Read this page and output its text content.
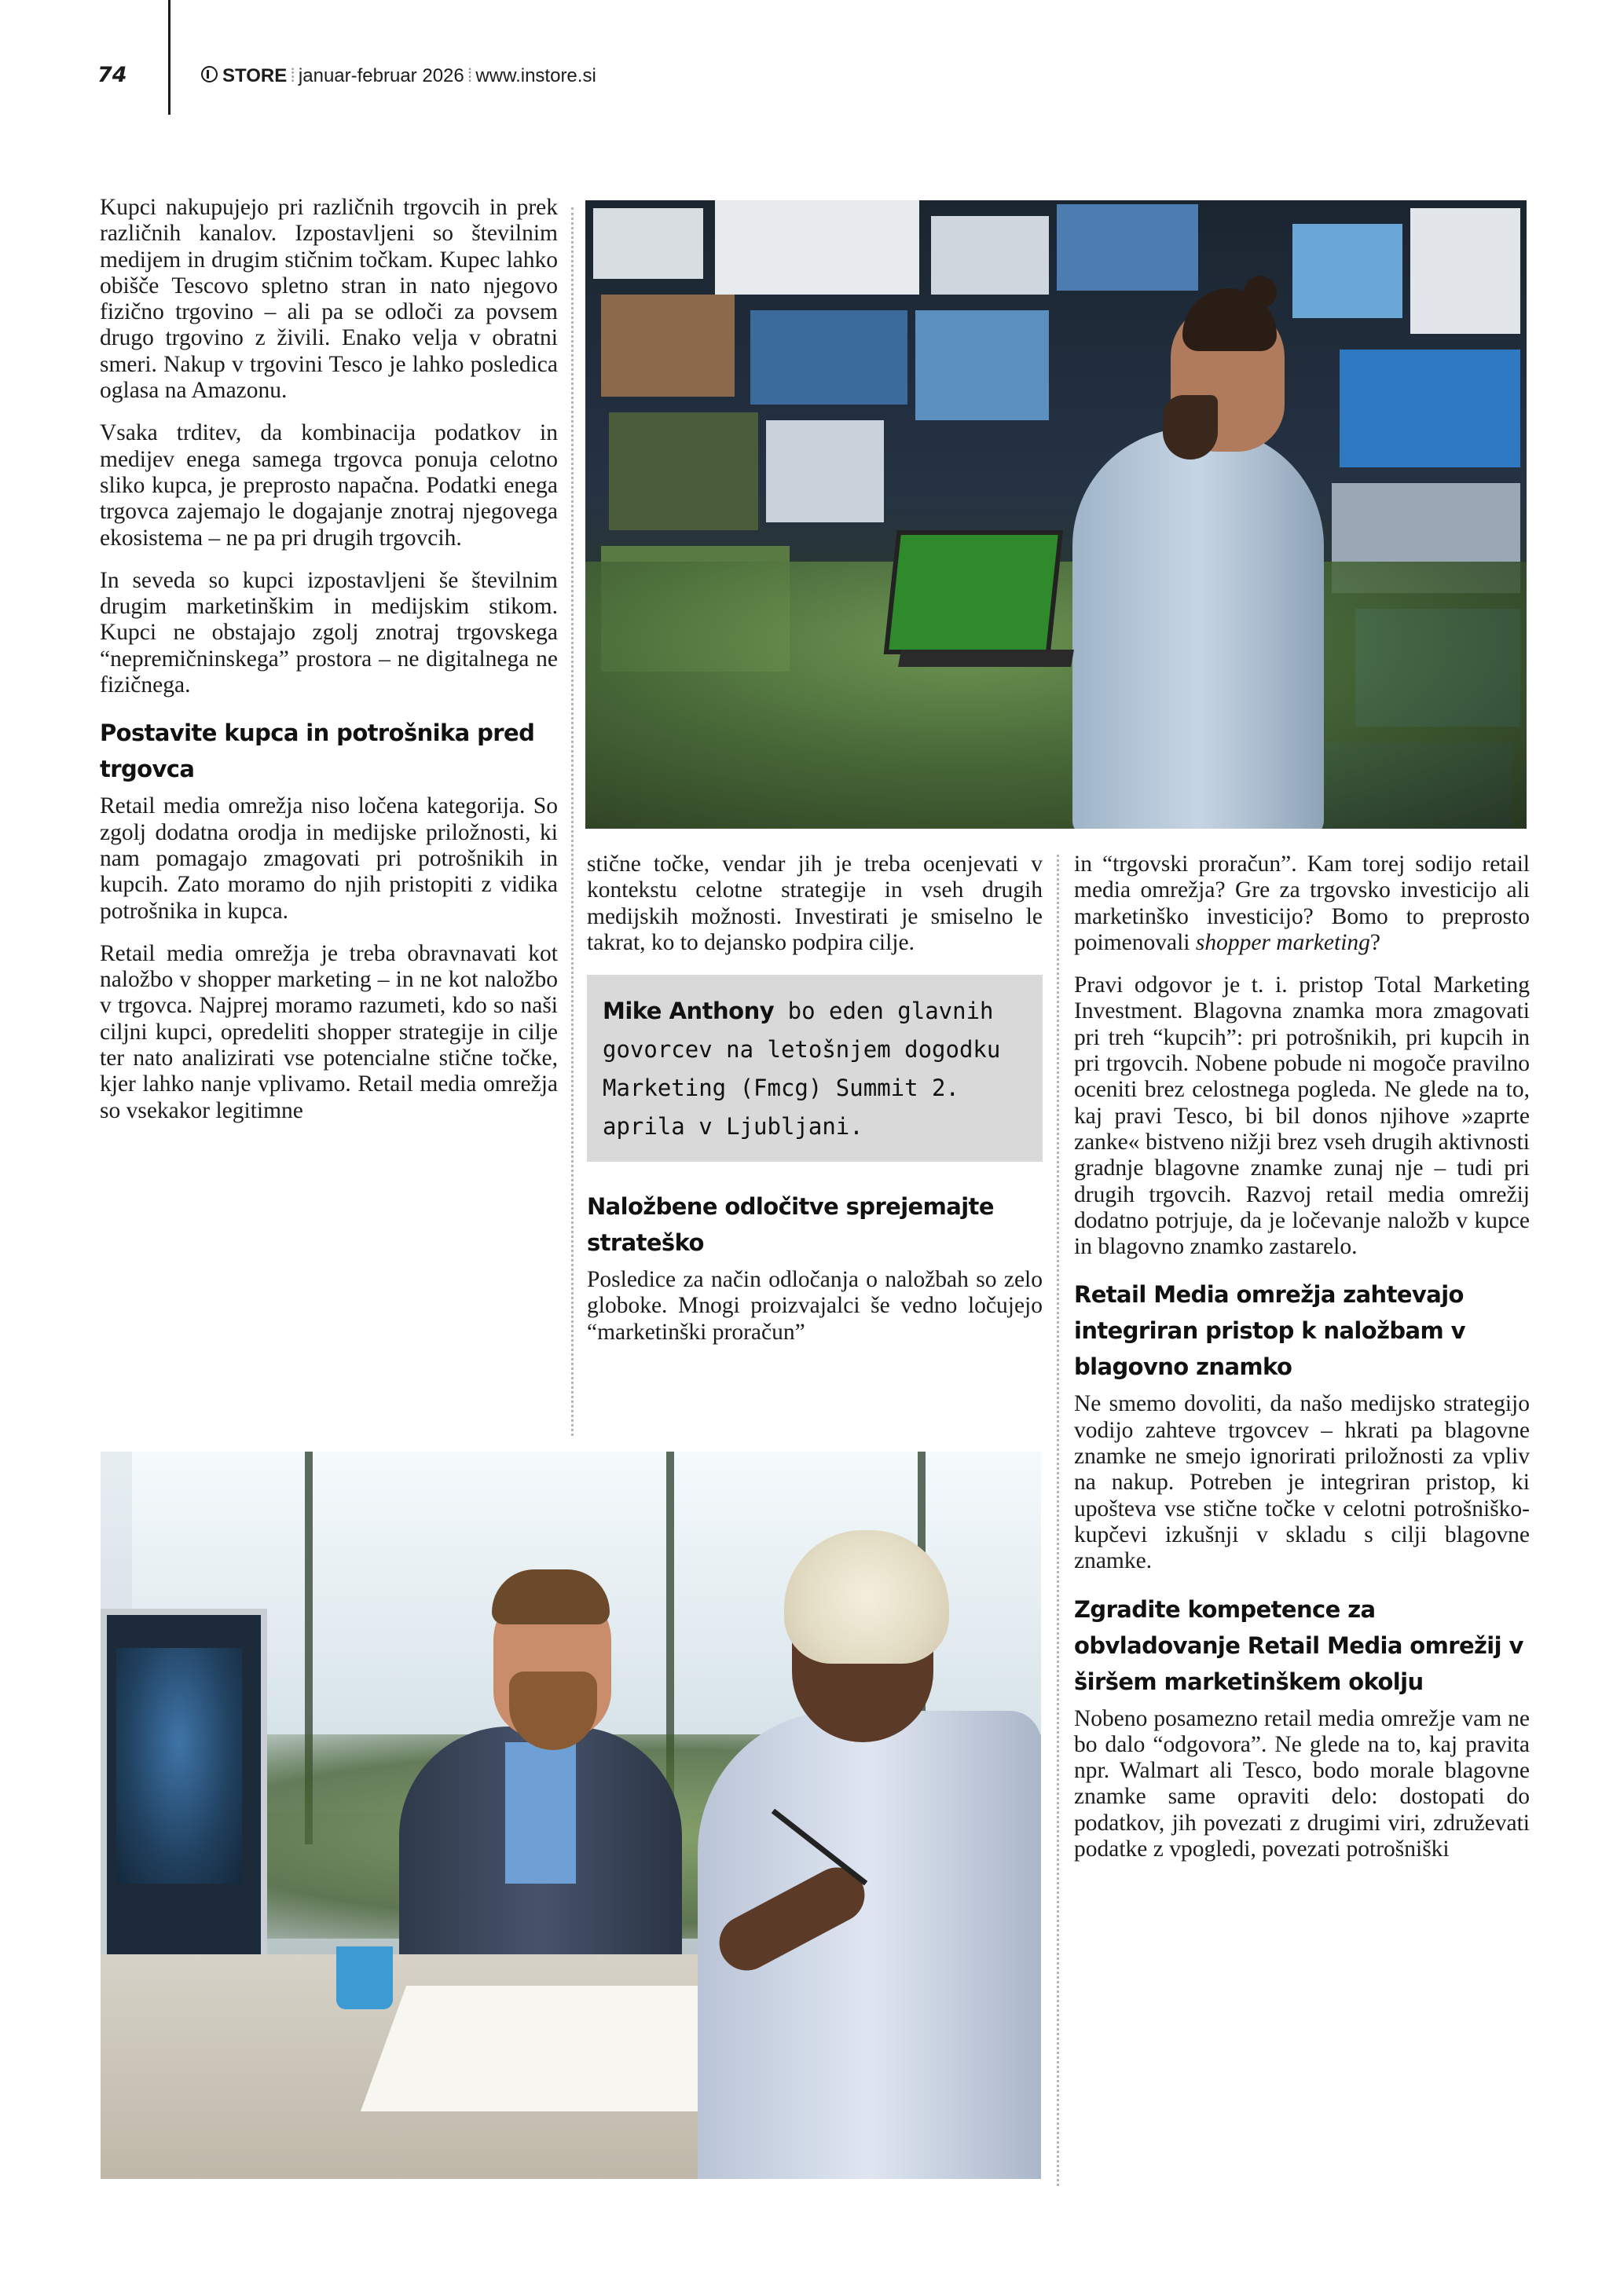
74	STORE ⁞ januar-februar 2026 ⁞ www.instore.si

Kupci nakupujejo pri različnih trgovcih in prek različnih kanalov. Izpostavljeni so številnim medijem in drugim stičnim točkam. Kupec lahko obišče Tescovo spletno stran in nato njegovo fizično trgovino – ali pa se odloči za povsem drugo trgovino z živili. Enako velja v obratni smeri. Nakup v trgovini Tesco je lahko posledica oglasa na Amazonu.

Vsaka trditev, da kombinacija podatkov in medijev enega samega trgovca ponuja celotno sliko kupca, je preprosto napačna. Podatki enega trgovca zajemajo le dogajanje znotraj njegovega ekosistema – ne pa pri drugih trgovcih.

In seveda so kupci izpostavljeni še številnim drugim marketinškim in medijskim stikom. Kupci ne obstajajo zgolj znotraj trgovskega “nepremičninskega” prostora – ne digitalnega ne fizičnega.

Postavite kupca in potrošnika pred trgovca

Retail media omrežja niso ločena kategorija. So zgolj dodatna orodja in medijske priložnosti, ki nam pomagajo zmagovati pri potrošnikih in kupcih. Zato moramo do njih pristopiti z vidika potrošnika in kupca.

Retail media omrežja je treba obravnavati kot naložbo v shopper marketing – in ne kot naložbo v trgovca. Najprej moramo razumeti, kdo so naši ciljni kupci, opredeliti shopper strategije in cilje ter nato analizirati vse potencialne stične točke, kjer lahko nanje vplivamo. Retail media omrežja so vsekakor legitimne

stične točke, vendar jih je treba ocenjevati v kontekstu celotne strategije in vseh drugih medijskih možnosti. Investirati je smiselno le takrat, ko to dejansko podpira cilje.

Mike Anthony bo eden glavnih govorcev na letošnjem dogodku Marketing (Fmcg) Summit 2. aprila v Ljubljani.
Naložbene odločitve sprejemajte strateško

Posledice za način odločanja o naložbah so zelo globoke. Mnogi proizvajalci še vedno ločujejo “marketinški proračun”

in “trgovski proračun”. Kam torej sodijo retail media omrežja? Gre za trgovsko investicijo ali marketinško investicijo? Bomo to preprosto poimenovali shopper marketing?

Pravi odgovor je t. i. pristop Total Marketing Investment. Blagovna znamka mora zmagovati pri treh “kupcih”: pri potrošnikih, pri kupcih in pri trgovcih. Nobene pobude ni mogoče pravilno oceniti brez celostnega pogleda. Ne glede na to, kaj pravi Tesco, bi bil donos njihove »zaprte zanke« bistveno nižji brez vseh drugih aktivnosti gradnje blagovne znamke zunaj nje – tudi pri drugih trgovcih. Razvoj retail media omrežij dodatno potrjuje, da je ločevanje naložb v kupce in blagovno znamko zastarelo.

Retail Media omrežja zahtevajo integriran pristop k naložbam v blagovno znamko

Ne smemo dovoliti, da našo medijsko strategijo vodijo zahteve trgovcev – hkrati pa blagovne znamke ne smejo ignorirati priložnosti za vpliv na nakup. Potreben je integriran pristop, ki upošteva vse stične točke v celotni potrošniško-kupčevi izkušnji v skladu s cilji blagovne znamke.

Zgradite kompetence za obvladovanje Retail Media omrežij v širšem marketinškem okolju

Nobeno posamezno retail media omrežje vam ne bo dalo “odgovora”. Ne glede na to, kaj pravita npr. Walmart ali Tesco, bodo morale blagovne znamke same opraviti delo: dostopati do podatkov, jih povezati z drugimi viri, združevati podatke z vpogledi, povezati potrošniški
